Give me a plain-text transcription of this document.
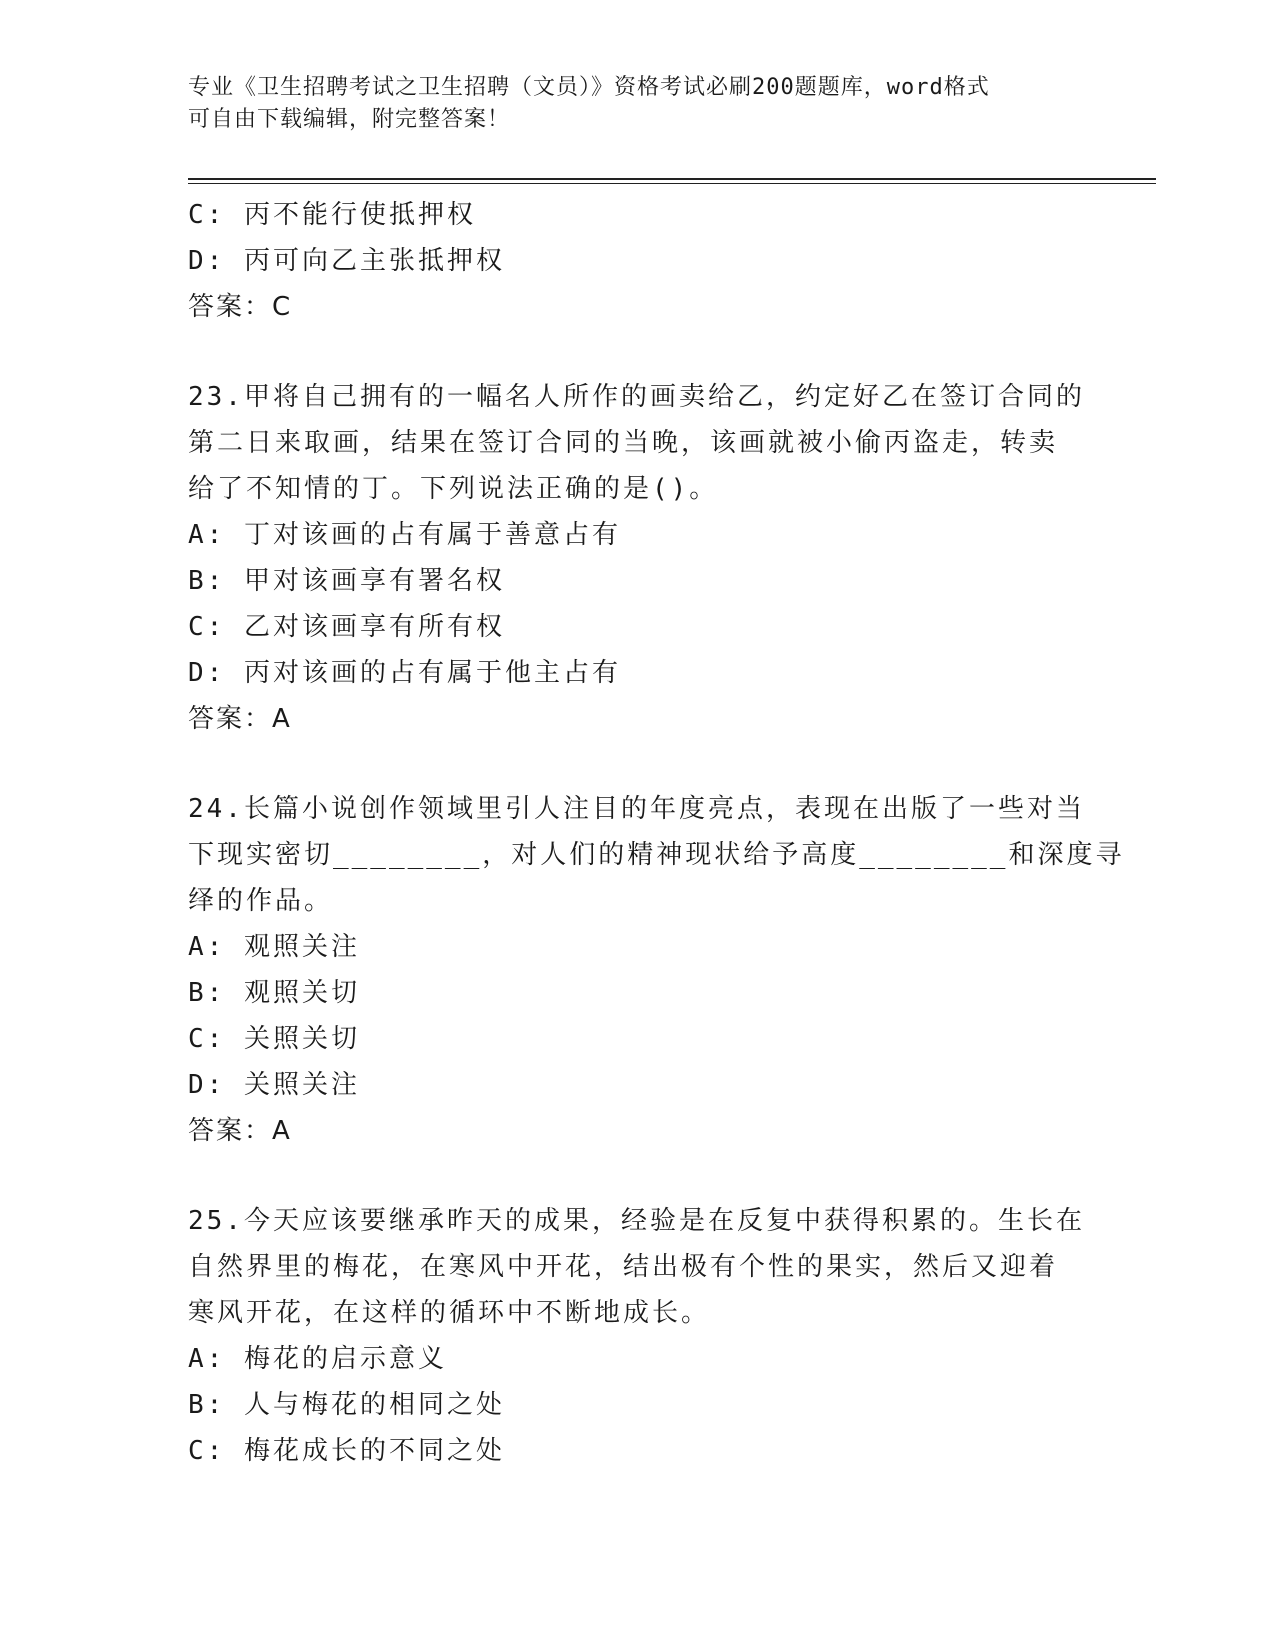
专业《卫生招聘考试之卫生招聘（文员）》资格考试必刷200题题库，word格式
可自由下载编辑，附完整答案！
C: 丙不能行使抵押权
D: 丙可向乙主张抵押权
答案：C
23.甲将自己拥有的一幅名人所作的画卖给乙，约定好乙在签订合同的
第二日来取画，结果在签订合同的当晚，该画就被小偷丙盗走，转卖
给了不知情的丁。下列说法正确的是()。
A: 丁对该画的占有属于善意占有
B: 甲对该画享有署名权
C: 乙对该画享有所有权
D: 丙对该画的占有属于他主占有
答案：A
24.长篇小说创作领域里引人注目的年度亮点，表现在出版了一些对当
下现实密切________，对人们的精神现状给予高度________和深度寻
绎的作品。
A: 观照关注
B: 观照关切
C: 关照关切
D: 关照关注
答案：A
25.今天应该要继承昨天的成果，经验是在反复中获得积累的。生长在
自然界里的梅花，在寒风中开花，结出极有个性的果实，然后又迎着
寒风开花，在这样的循环中不断地成长。
A: 梅花的启示意义
B: 人与梅花的相同之处
C: 梅花成长的不同之处
